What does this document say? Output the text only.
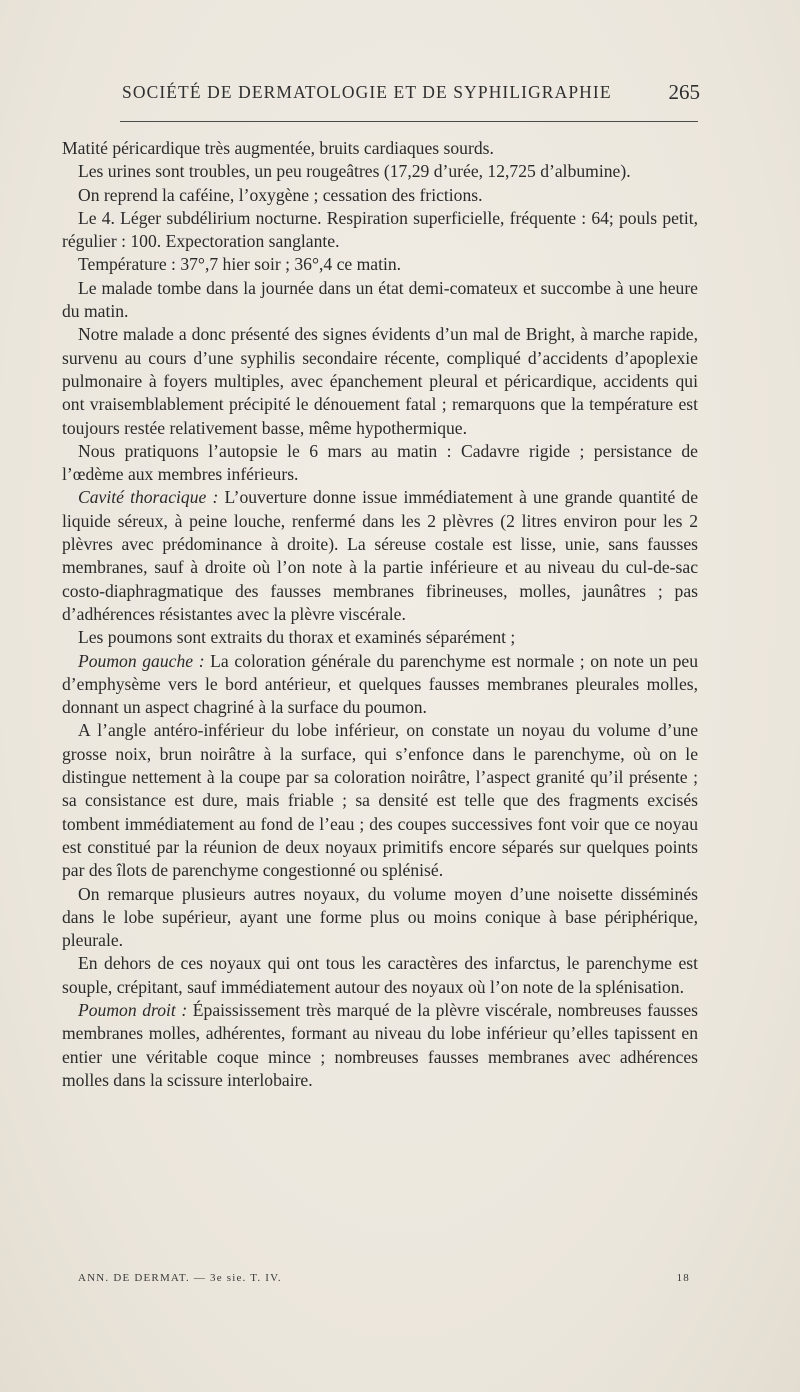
SOCIÉTÉ DE DERMATOLOGIE ET DE SYPHILIGRAPHIE	265

Matité péricardique très augmentée, bruits cardiaques sourds.

Les urines sont troubles, un peu rougeâtres (17,29 d’urée, 12,725 d’albumine).

On reprend la caféine, l’oxygène ; cessation des frictions.

Le 4. Léger subdélirium nocturne. Respiration superficielle, fréquente : 64; pouls petit, régulier : 100. Expectoration sanglante.

Température : 37°,7 hier soir ; 36°,4 ce matin.

Le malade tombe dans la journée dans un état demi-comateux et succombe à une heure du matin.

Notre malade a donc présenté des signes évidents d’un mal de Bright, à marche rapide, survenu au cours d’une syphilis secondaire récente, compliqué d’accidents d’apoplexie pulmonaire à foyers multiples, avec épanchement pleural et péricardique, accidents qui ont vraisemblablement précipité le dénouement fatal ; remarquons que la température est toujours restée relativement basse, même hypothermique.

Nous pratiquons l’autopsie le 6 mars au matin : Cadavre rigide ; persistance de l’œdème aux membres inférieurs.

Cavité thoracique : L’ouverture donne issue immédiatement à une grande quantité de liquide séreux, à peine louche, renfermé dans les 2 plèvres (2 litres environ pour les 2 plèvres avec prédominance à droite). La séreuse costale est lisse, unie, sans fausses membranes, sauf à droite où l’on note à la partie inférieure et au niveau du cul-de-sac costo-diaphragmatique des fausses membranes fibrineuses, molles, jaunâtres ; pas d’adhérences résistantes avec la plèvre viscérale.

Les poumons sont extraits du thorax et examinés séparément ;

Poumon gauche : La coloration générale du parenchyme est normale ; on note un peu d’emphysème vers le bord antérieur, et quelques fausses membranes pleurales molles, donnant un aspect chagriné à la surface du poumon.

A l’angle antéro-inférieur du lobe inférieur, on constate un noyau du volume d’une grosse noix, brun noirâtre à la surface, qui s’enfonce dans le parenchyme, où on le distingue nettement à la coupe par sa coloration noirâtre, l’aspect granité qu’il présente ; sa consistance est dure, mais friable ; sa densité est telle que des fragments excisés tombent immédiatement au fond de l’eau ; des coupes successives font voir que ce noyau est constitué par la réunion de deux noyaux primitifs encore séparés sur quelques points par des îlots de parenchyme congestionné ou splénisé.

On remarque plusieurs autres noyaux, du volume moyen d’une noisette disséminés dans le lobe supérieur, ayant une forme plus ou moins conique à base périphérique, pleurale.

En dehors de ces noyaux qui ont tous les caractères des infarctus, le parenchyme est souple, crépitant, sauf immédiatement autour des noyaux où l’on note de la splénisation.

Poumon droit : Épaississement très marqué de la plèvre viscérale, nombreuses fausses membranes molles, adhérentes, formant au niveau du lobe inférieur qu’elles tapissent en entier une véritable coque mince ; nombreuses fausses membranes avec adhérences molles dans la scissure interlobaire.

ANN. DE DERMAT. — 3e sie. T. IV.	18
